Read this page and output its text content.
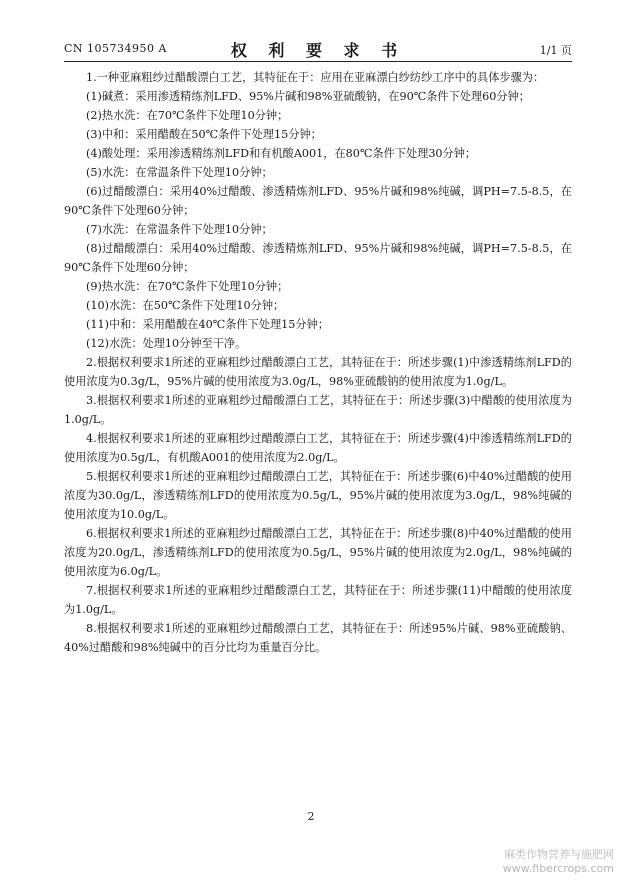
CN 105734950 A	权 利 要 求 书	1/1 页

1.一种亚麻粗纱过醋酸漂白工艺，其特征在于：应用在亚麻漂白纱纺纱工序中的具体步骤为：

(1)碱煮：采用渗透精练剂LFD、95%片碱和98%亚硫酸钠，在90℃条件下处理60分钟；

(2)热水洗：在70℃条件下处理10分钟；

(3)中和：采用醋酸在50℃条件下处理15分钟；

(4)酸处理：采用渗透精练剂LFD和有机酸A001，在80℃条件下处理30分钟；

(5)水洗：在常温条件下处理10分钟；

(6)过醋酸漂白：采用40%过醋酸、渗透精炼剂LFD、95%片碱和98%纯碱，调PH=7.5-8.5，在90℃条件下处理60分钟；

(7)水洗：在常温条件下处理10分钟；

(8)过醋酸漂白：采用40%过醋酸、渗透精炼剂LFD、95%片碱和98%纯碱，调PH=7.5-8.5，在90℃条件下处理60分钟；

(9)热水洗：在70℃条件下处理10分钟；

(10)水洗：在50℃条件下处理10分钟；

(11)中和：采用醋酸在40℃条件下处理15分钟；

(12)水洗：处理10分钟至干净。

2.根据权利要求1所述的亚麻粗纱过醋酸漂白工艺，其特征在于：所述步骤(1)中渗透精练剂LFD的使用浓度为0.3g/L，95%片碱的使用浓度为3.0g/L，98%亚硫酸钠的使用浓度为1.0g/L。

3.根据权利要求1所述的亚麻粗纱过醋酸漂白工艺，其特征在于：所述步骤(3)中醋酸的使用浓度为1.0g/L。

4.根据权利要求1所述的亚麻粗纱过醋酸漂白工艺，其特征在于：所述步骤(4)中渗透精练剂LFD的使用浓度为0.5g/L，有机酸A001的使用浓度为2.0g/L。

5.根据权利要求1所述的亚麻粗纱过醋酸漂白工艺，其特征在于：所述步骤(6)中40%过醋酸的使用浓度为30.0g/L，渗透精练剂LFD的使用浓度为0.5g/L，95%片碱的使用浓度为3.0g/L，98%纯碱的使用浓度为10.0g/L。

6.根据权利要求1所述的亚麻粗纱过醋酸漂白工艺，其特征在于：所述步骤(8)中40%过醋酸的使用浓度为20.0g/L，渗透精练剂LFD的使用浓度为0.5g/L，95%片碱的使用浓度为2.0g/L，98%纯碱的使用浓度为6.0g/L。

7.根据权利要求1所述的亚麻粗纱过醋酸漂白工艺，其特征在于：所述步骤(11)中醋酸的使用浓度为1.0g/L。

8.根据权利要求1所述的亚麻粗纱过醋酸漂白工艺，其特征在于：所述95%片碱、98%亚硫酸钠、40%过醋酸和98%纯碱中的百分比均为重量百分比。

2
麻类作物营养与施肥网
www.fibercrops.com
